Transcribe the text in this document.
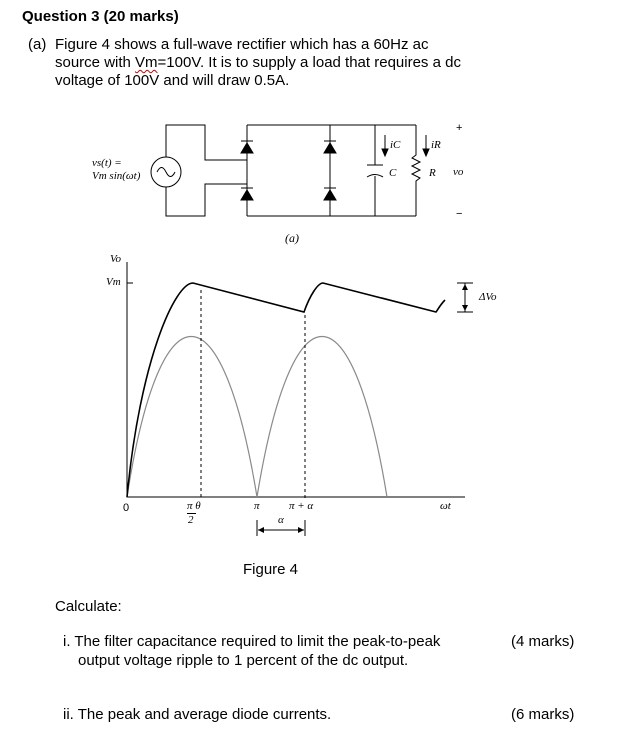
Question 3 (20 marks)
(a) Figure 4 shows a full-wave rectifier which has a 60Hz ac
source with Vm=100V. It is to supply a load that requires a dc
voltage of 100V and will draw 0.5A.
vs(t) =
Vm sin(ωt)
iC	iR
C	R vo
+
−
(a)
Vo
Vm
ΔVo
0	π θ
2
π	π + α
α
ωt
Figure 4
Calculate:
i. The filter capacitance required to limit the peak-to-peak
output voltage ripple to 1 percent of the dc output.
(4 marks)
ii. The peak and average diode currents.	(6 marks)
